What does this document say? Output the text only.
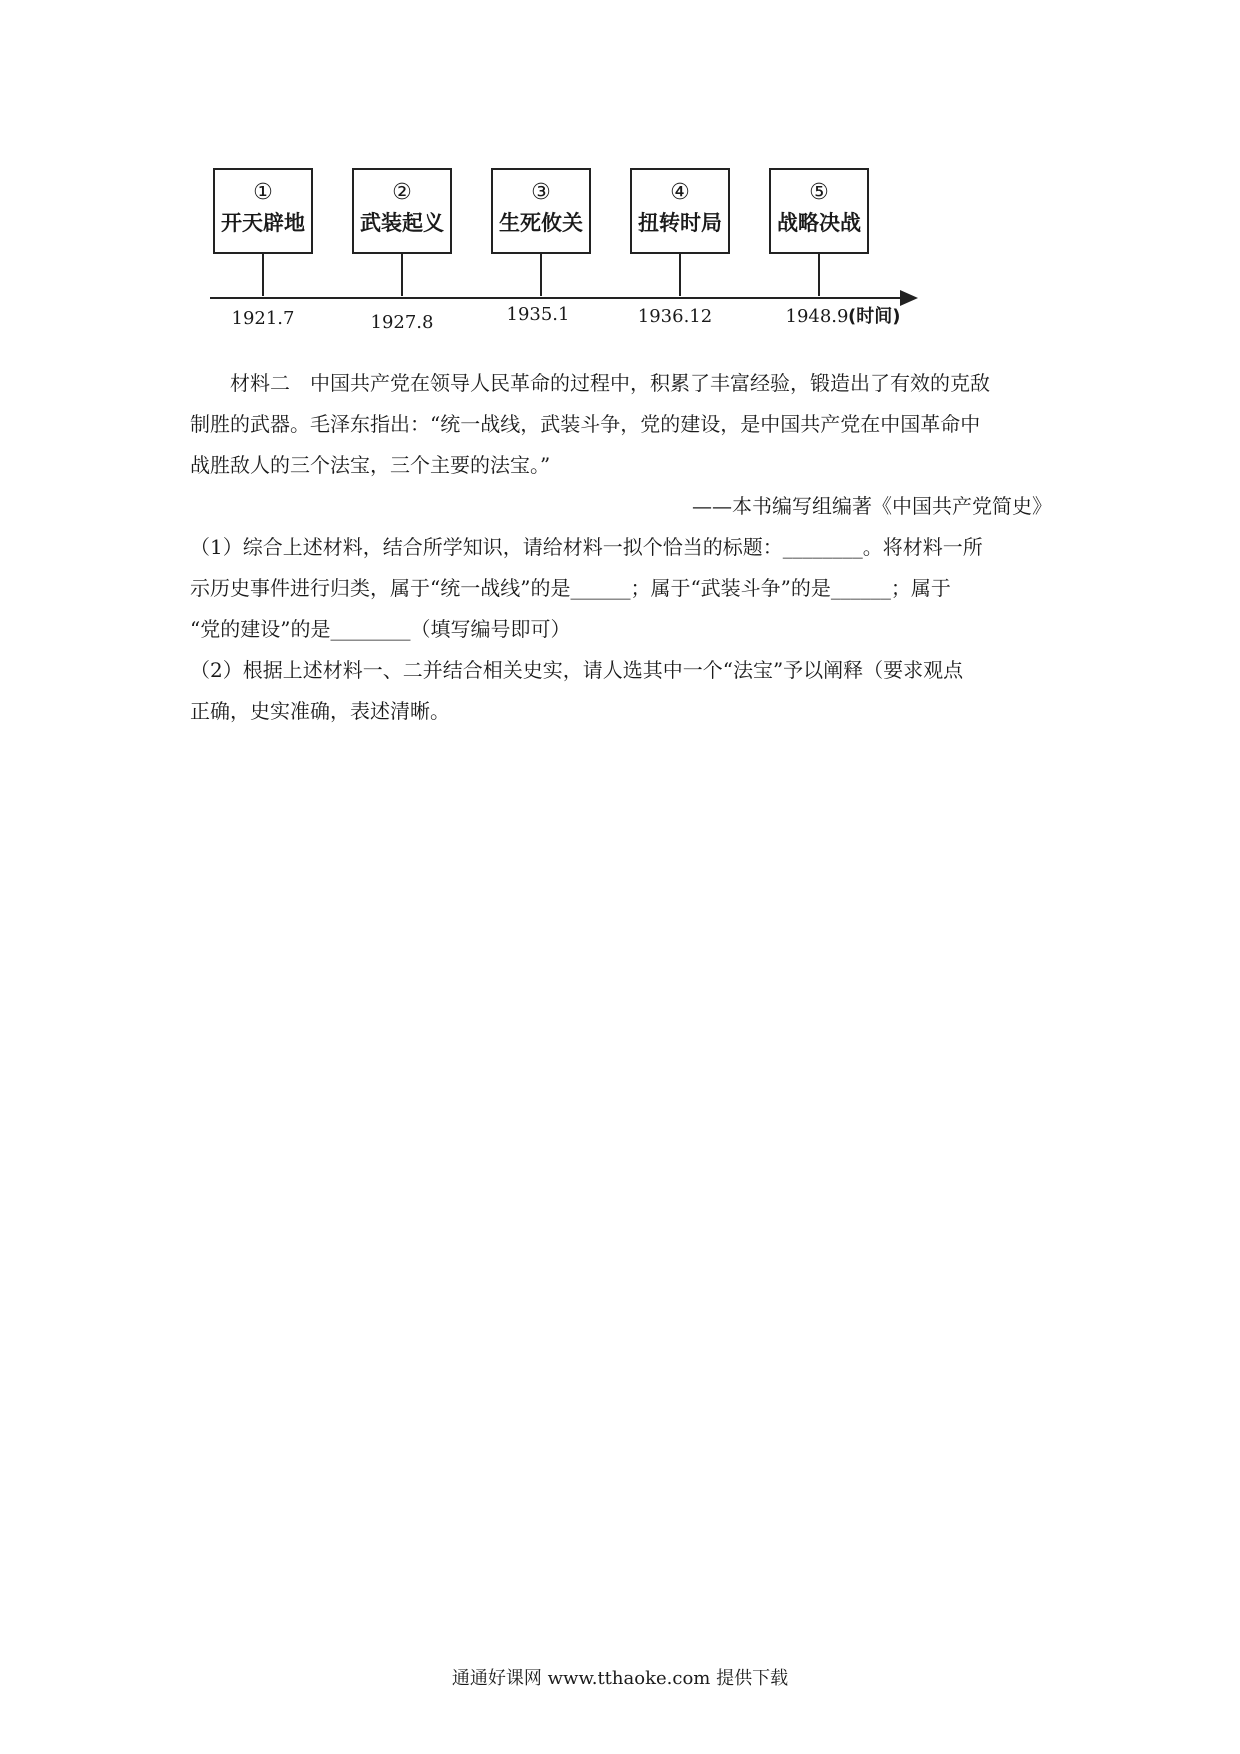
①
开天辟地
②
武装起义
③
生死攸关
④
扭转时局
⑤
战略决战
1921.7	1927.8	1935.1	1936.12	1948.9 (时间)

材料二　中国共产党在领导人民革命的过程中，积累了丰富经验，锻造出了有效的克敌

制胜的武器。毛泽东指出：“统一战线，武装斗争，党的建设，是中国共产党在中国革命中

战胜敌人的三个法宝，三个主要的法宝。”

——本书编写组编著《中国共产党简史》

（1）综合上述材料，结合所学知识，请给材料一拟个恰当的标题：________。将材料一所

示历史事件进行归类，属于“统一战线”的是______；属于“武装斗争”的是______；属于

“党的建设”的是________（填写编号即可）

（2）根据上述材料一、二并结合相关史实，请人选其中一个“法宝”予以阐释（要求观点

正确，史实准确，表述清晰。

通通好课网 www.tthaoke.com 提供下载
